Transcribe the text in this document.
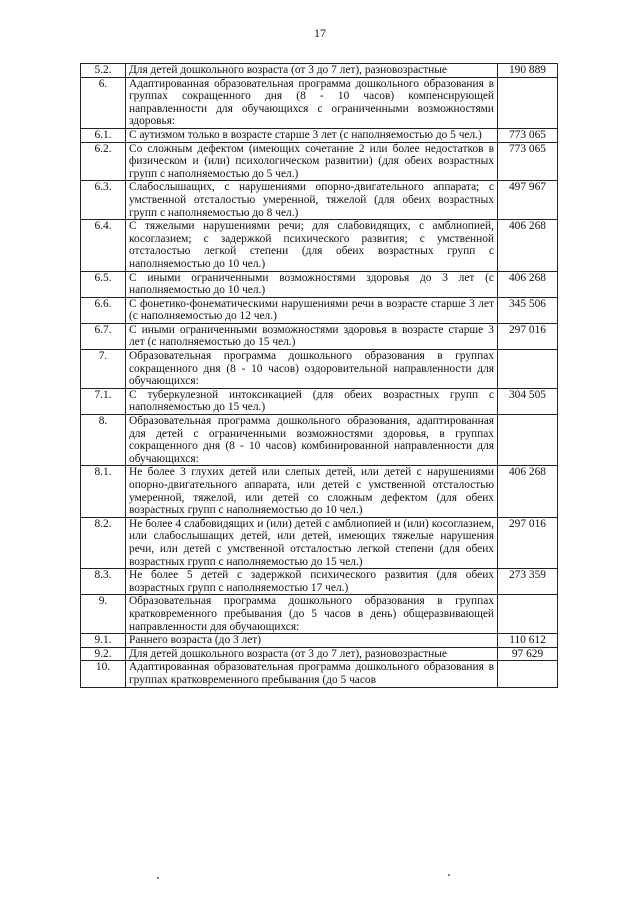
17
5.2.	Для детей дошкольного возраста (от 3 до 7 лет), разновозрастные	190 889
6.	Адаптированная образовательная программа дошкольного образования в группах сокращенного дня (8 - 10 часов) компенсирующей направленности для обучающихся с ограниченными возможностями здоровья:	
6.1.	С аутизмом только в возрасте старше 3 лет (с наполняемостью до 5 чел.)	773 065
6.2.	Со сложным дефектом (имеющих сочетание 2 или более недостатков в физическом и (или) психологическом развитии) (для обеих возрастных групп с наполняемостью до 5 чел.)	773 065
6.3.	Слабослышащих, с нарушениями опорно-двигательного аппарата; с умственной отсталостью умеренной, тяжелой (для обеих возрастных групп с наполняемостью до 8 чел.)	497 967
6.4.	С тяжелыми нарушениями речи; для слабовидящих, с амблиопией, косоглазием; с задержкой психического развития; с умственной отсталостью легкой степени (для обеих возрастных групп с наполняемостью до 10 чел.)	406 268
6.5.	С иными ограниченными возможностями здоровья до 3 лет (с наполняемостью до 10 чел.)	406 268
6.6.	С фонетико-фонематическими нарушениями речи в возрасте старше 3 лет (с наполняемостью до 12 чел.)	345 506
6.7.	С иными ограниченными возможностями здоровья в возрасте старше 3 лет (с наполняемостью до 15 чел.)	297 016
7.	Образовательная программа дошкольного образования в группах сокращенного дня (8 - 10 часов) оздоровительной направленности для обучающихся:	
7.1.	С туберкулезной интоксикацией (для обеих возрастных групп с наполняемостью до 15 чел.)	304 505
8.	Образовательная программа дошкольного образования, адаптированная для детей с ограниченными возможностями здоровья, в группах сокращенного дня (8 - 10 часов) комбинированной направленности для обучающихся:	
8.1.	Не более 3 глухих детей или слепых детей, или детей с нарушениями опорно-двигательного аппарата, или детей с умственной отсталостью умеренной, тяжелой, или детей со сложным дефектом (для обеих возрастных групп с наполняемостью до 10 чел.)	406 268
8.2.	Не более 4 слабовидящих и (или) детей с амблиопией и (или) косоглазием, или слабослышащих детей, или детей, имеющих тяжелые нарушения речи, или детей с умственной отсталостью легкой степени (для обеих возрастных групп с наполняемостью до 15 чел.)	297 016
8.3.	Не более 5 детей с задержкой психического развития (для обеих возрастных групп с наполняемостью 17 чел.)	273 359
9.	Образовательная программа дошкольного образования в группах кратковременного пребывания (до 5 часов в день) общеразвивающей направленности для обучающихся:	
9.1.	Раннего возраста (до 3 лет)	110 612
9.2.	Для детей дошкольного возраста (от 3 до 7 лет), разновозрастные	97 629
10.	Адаптированная образовательная программа дошкольного образования в группах кратковременного пребывания (до 5 часов	
